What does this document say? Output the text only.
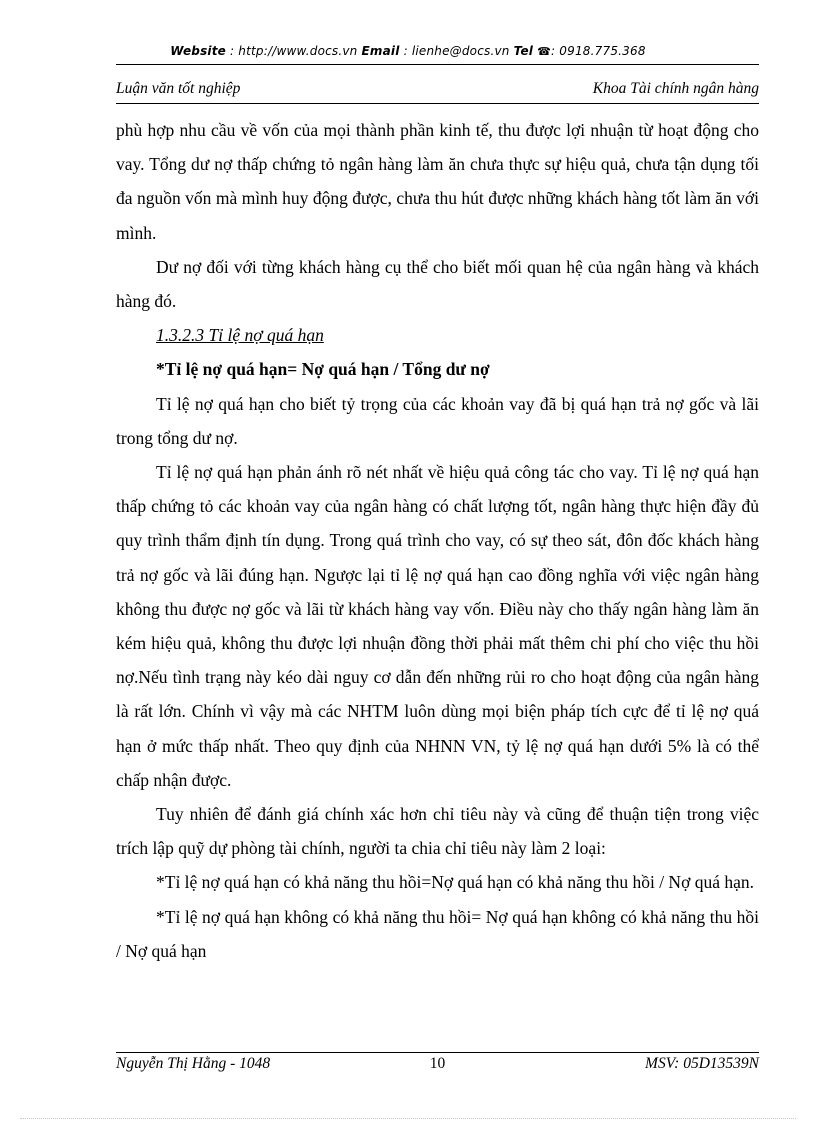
Website : http://www.docs.vn Email : lienhe@docs.vn Tel ☎: 0918.775.368
Luận văn tốt nghiệp	Khoa Tài chính ngân hàng

phù hợp nhu cầu về vốn của mọi thành phần kinh tế, thu được lợi nhuận từ hoạt động cho vay. Tổng dư nợ thấp chứng tỏ ngân hàng làm ăn chưa thực sự hiệu quả, chưa tận dụng tối đa nguồn vốn mà mình huy động được, chưa thu hút được những khách hàng tốt làm ăn với mình.

Dư nợ đối với từng khách hàng cụ thể cho biết mối quan hệ của ngân hàng và khách hàng đó.

1.3.2.3 Tỉ lệ nợ quá hạn

*Tỉ lệ nợ quá hạn= Nợ quá hạn / Tổng dư nợ

Tỉ lệ nợ quá hạn cho biết tỷ trọng của các khoản vay đã bị quá hạn trả nợ gốc và lãi trong tổng dư nợ.

Tỉ lệ nợ quá hạn phản ánh rõ nét nhất về hiệu quả công tác cho vay. Tỉ lệ nợ quá hạn thấp chứng tỏ các khoản vay của ngân hàng có chất lượng tốt, ngân hàng thực hiện đầy đủ quy trình thẩm định tín dụng. Trong quá trình cho vay, có sự theo sát, đôn đốc khách hàng trả nợ gốc và lãi đúng hạn. Ngược lại tỉ lệ nợ quá hạn cao đồng nghĩa với việc ngân hàng không thu được nợ gốc và lãi từ khách hàng vay vốn. Điều này cho thấy ngân hàng làm ăn kém hiệu quả, không thu được lợi nhuận đồng thời phải mất thêm chi phí cho việc thu hồi nợ.Nếu tình trạng này kéo dài nguy cơ dẫn đến những rủi ro cho hoạt động của ngân hàng là rất lớn. Chính vì vậy mà các NHTM luôn dùng mọi biện pháp tích cực để tỉ lệ nợ quá hạn ở mức thấp nhất. Theo quy định của NHNN VN, tỷ lệ nợ quá hạn dưới 5% là có thể chấp nhận được.

Tuy nhiên để đánh giá chính xác hơn chỉ tiêu này và cũng để thuận tiện trong việc trích lập quỹ dự phòng tài chính, người ta chia chỉ tiêu này làm 2 loại:

*Tỉ lệ nợ quá hạn có khả năng thu hồi=Nợ quá hạn có khả năng thu hồi / Nợ quá hạn.

*Tỉ lệ nợ quá hạn không có khả năng thu hồi= Nợ quá hạn không có khả năng thu hồi / Nợ quá hạn

Nguyễn Thị Hằng - 1048	10	MSV: 05D13539N
